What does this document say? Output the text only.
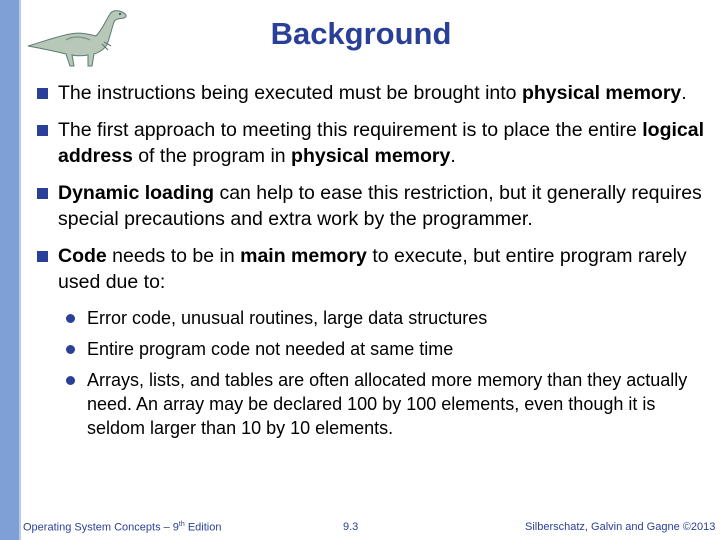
Background
The instructions being executed must be brought into physical memory.
The first approach to meeting this requirement is to place the entire logical address of the program in physical memory.
Dynamic loading can help to ease this restriction, but it generally requires special precautions and extra work by the programmer.
Code needs to be in main memory to execute, but entire program rarely used due to:
Error code, unusual routines, large data structures
Entire program code not needed at same time
Arrays, lists, and tables are often allocated more memory than they actually need. An array may be declared 100 by 100 elements, even though it is seldom larger than 10 by 10 elements.
Operating System Concepts – 9th Edition	9.3	Silberschatz, Galvin and Gagne ©2013
